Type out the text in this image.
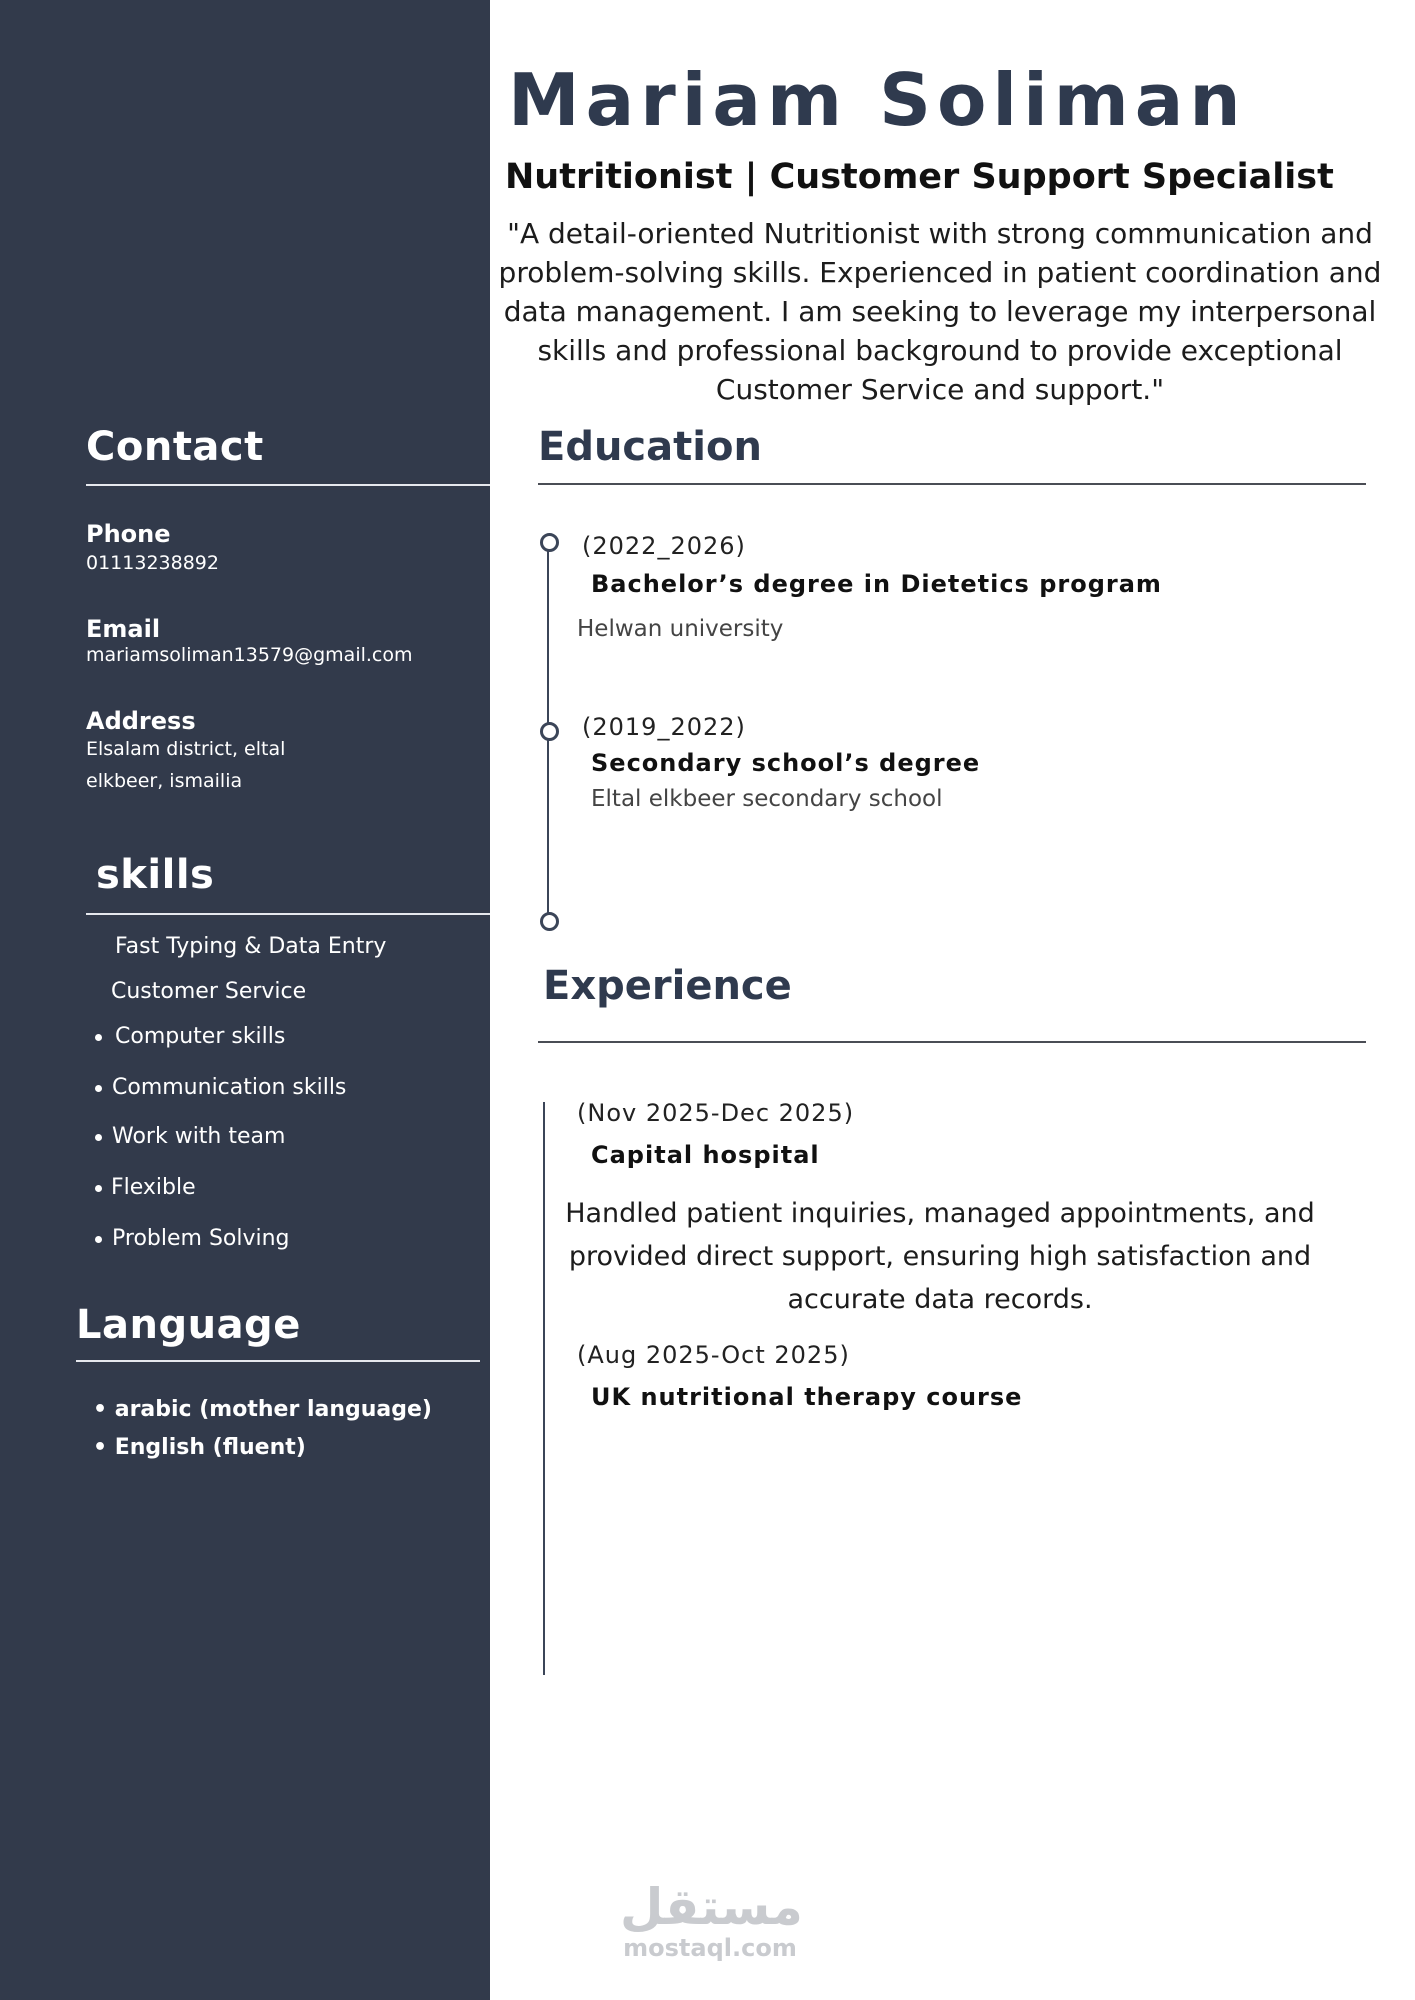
Contact
Phone
01113238892
Email
mariamsoliman13579@gmail.com
Address
Elsalam district, eltal
elkbeer, ismailia
skills
Fast Typing & Data Entry
Customer Service
Computer skills
Communication skills
Work with team
Flexible
Problem Solving
Language
• arabic (mother language)
• English (fluent)
Mariam Soliman
Nutritionist | Customer Support Specialist
"A detail-oriented Nutritionist with strong communication and problem-solving skills. Experienced in patient coordination and data management. I am seeking to leverage my interpersonal skills and professional background to provide exceptional Customer Service and support."
Education
(2022_2026)
Bachelor’s degree in Dietetics program
Helwan university
(2019_2022)
Secondary school’s degree
Eltal elkbeer secondary school
Experience
(Nov 2025-Dec 2025)
Capital hospital
Handled patient inquiries, managed appointments, and provided direct support, ensuring high satisfaction and accurate data records.
(Aug 2025-Oct 2025)
UK nutritional therapy course
مستقل
mostaql.com
